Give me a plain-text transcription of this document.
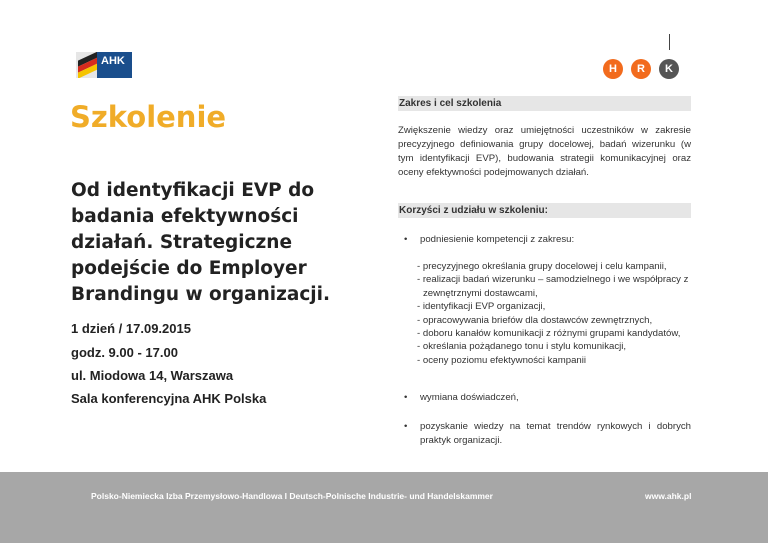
AHK
H	R	K
Szkolenie
Od identyfikacji EVP do badania efektywności działań. Strategiczne podejście do Employer Brandingu w organizacji.
1 dzień / 17.09.2015
godz. 9.00 - 17.00
ul. Miodowa 14, Warszawa
Sala konferencyjna AHK Polska
Zakres i cel szkolenia
Zwiększenie wiedzy oraz umiejętności uczestników w zakresie precyzyjnego definiowania grupy docelowej, badań wizerunku (w tym identyfikacji EVP), budowania strategii komunikacyjnej oraz oceny efektywności podejmowanych działań.
Korzyści z udziału w szkoleniu:
• podniesienie kompetencji z zakresu:
- precyzyjnego określania grupy docelowej i celu kampanii,
- realizacji badań wizerunku – samodzielnego i we współpracy z zewnętrznymi dostawcami,
- identyfikacji EVP organizacji,
- opracowywania briefów dla dostawców zewnętrznych,
- doboru kanałów komunikacji z różnymi grupami kandydatów,
- określania pożądanego tonu i stylu komunikacji,
- oceny poziomu efektywności kampanii
• wymiana doświadczeń,
• pozyskanie wiedzy na temat trendów rynkowych i dobrych praktyk organizacji.
Polsko-Niemiecka Izba Przemysłowo-Handlowa I Deutsch-Polnische Industrie- und Handelskammer	www.ahk.pl
